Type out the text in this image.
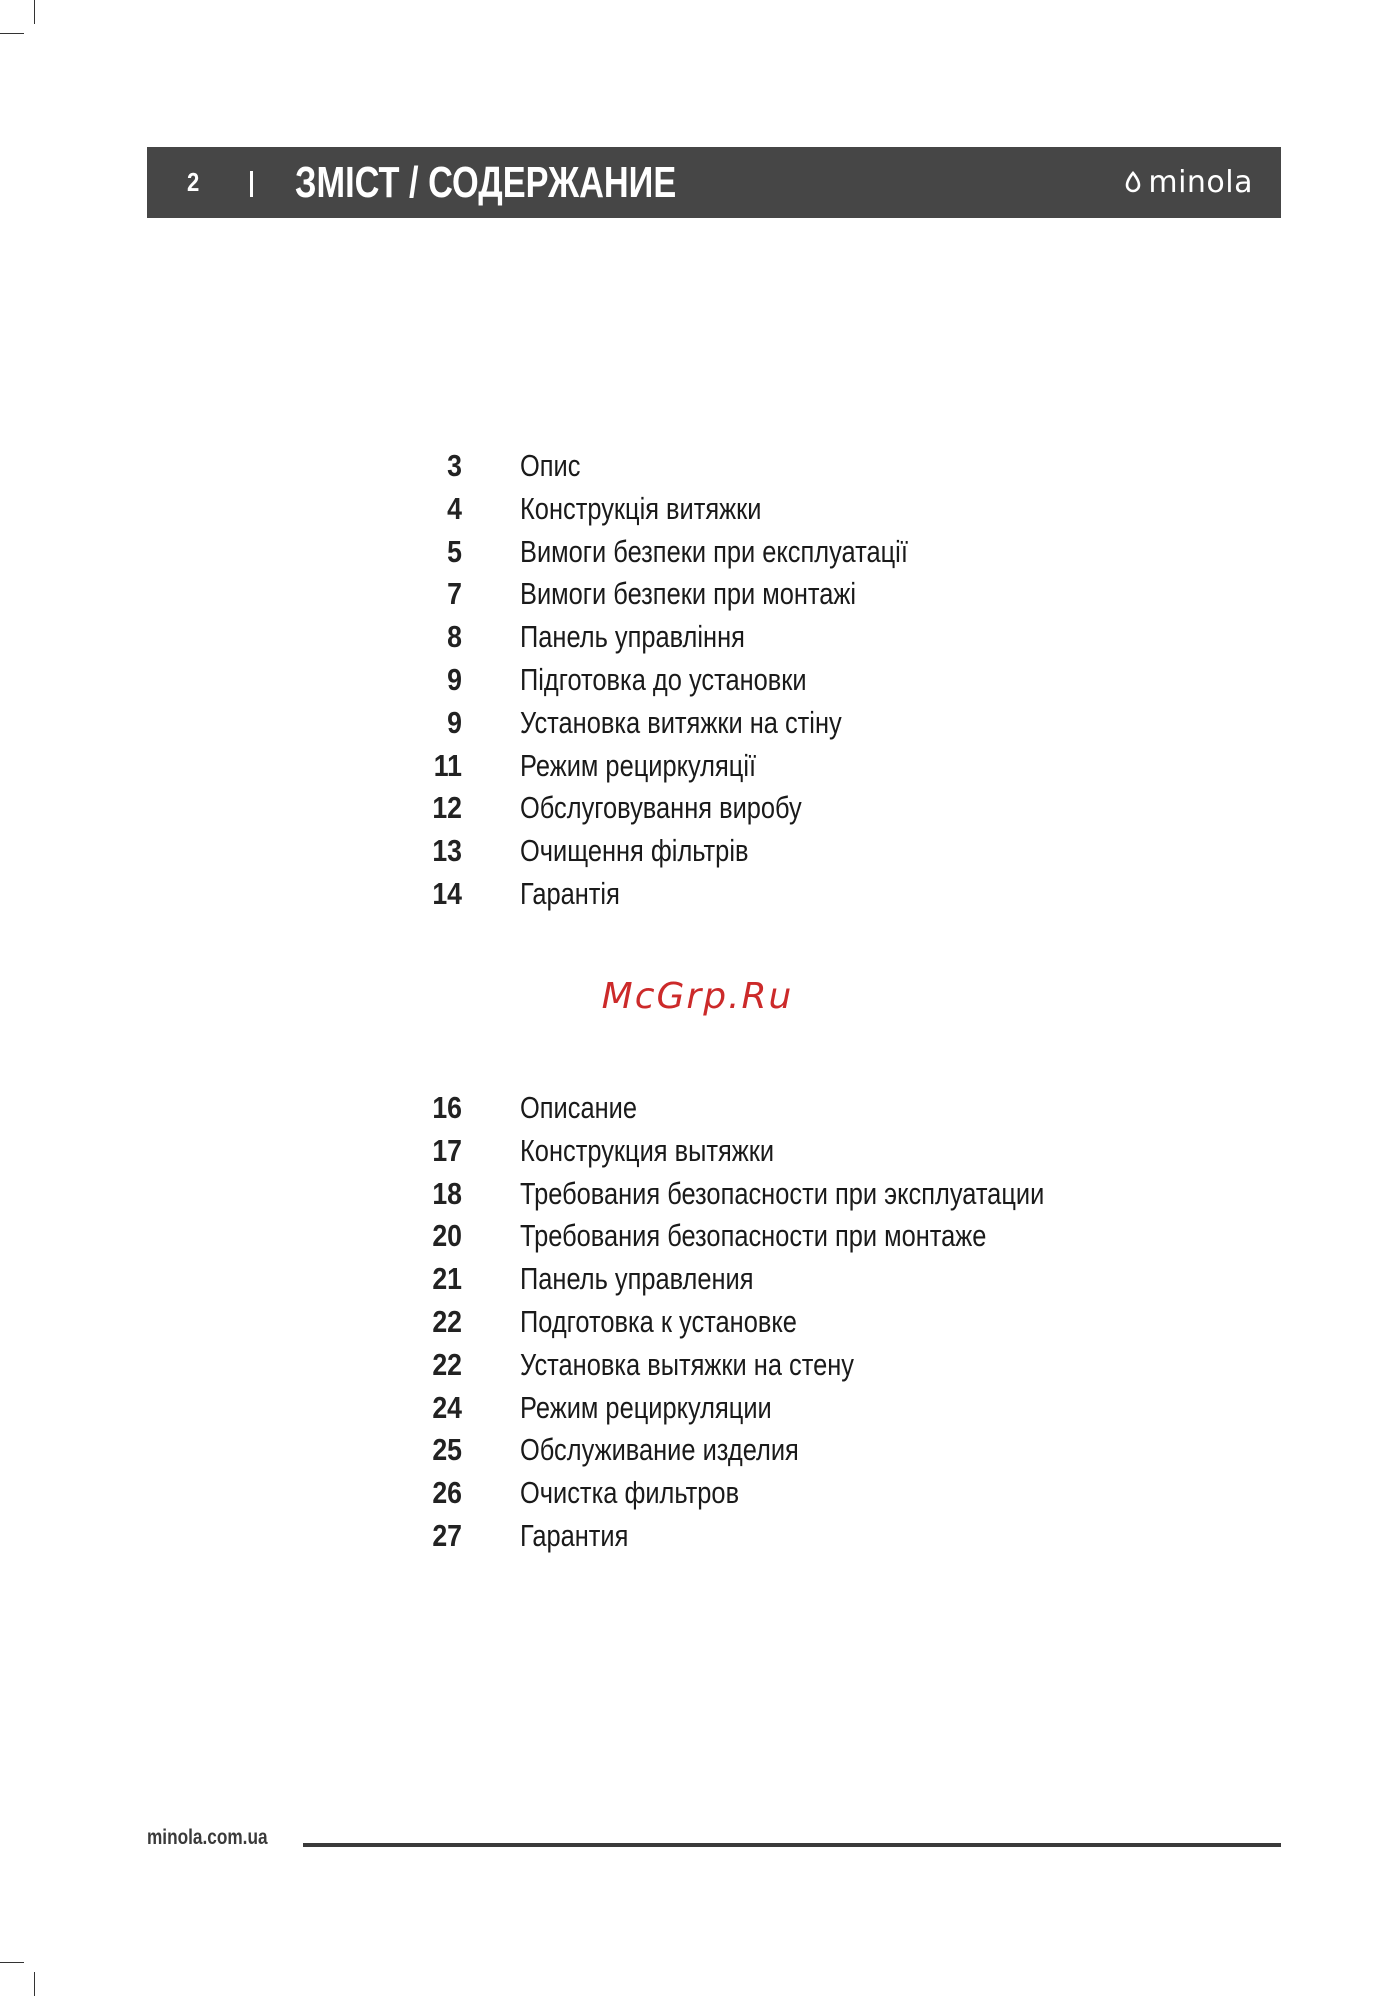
2 ЗМІСТ / СОДЕРЖАНИЕ	minola
3 Опис
4 Конструкція витяжки
5 Вимоги безпеки при експлуатації
7 Вимоги безпеки при монтажі
8 Панель управління
9 Підготовка до установки
9 Установка витяжки на стіну
11 Режим рециркуляції
12 Обслуговування виробу
13 Очищення фільтрів
14 Гарантія
McGrp.Ru
16 Описание
17 Конструкция вытяжки
18 Требования безопасности при эксплуатации
20 Требования безопасности при монтаже
21 Панель управления
22 Подготовка к установке
22 Установка вытяжки на стену
24 Режим рециркуляции
25 Обслуживание изделия
26 Очистка фильтров
27 Гарантия
minola.com.ua
